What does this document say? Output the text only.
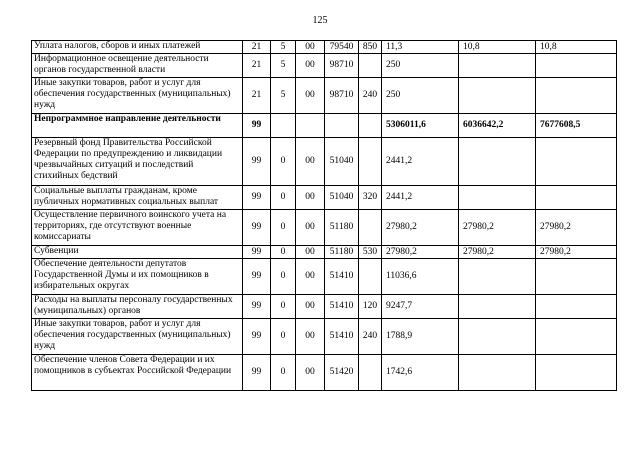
125
Уплата налогов, сборов и иных платежей	21	5	00	79540	850	11,3	10,8	10,8
Информационное освещение деятельности органов государственной власти	21	5	00	98710		250		
Иные закупки товаров, работ и услуг для обеспечения государственных (муниципальных) нужд	21	5	00	98710	240	250		
Непрограммное направление деятельности	99					5306011,6	6036642,2	7677608,5
Резервный фонд Правительства Российской Федерации по предупреждению и ликвидации чрезвычайных ситуаций и последствий стихийных бедствий	99	0	00	51040		2441,2		
Социальные выплаты гражданам, кроме публичных нормативных социальных выплат	99	0	00	51040	320	2441,2		
Осуществление первичного воинского учета на территориях, где отсутствуют военные комиссариаты	99	0	00	51180		27980,2	27980,2	27980,2
Субвенции	99	0	00	51180	530	27980,2	27980,2	27980,2
Обеспечение деятельности депутатов Государственной Думы и их помощников в избирательных округах	99	0	00	51410		11036,6		
Расходы на выплаты персоналу государственных (муниципальных) органов	99	0	00	51410	120	9247,7		
Иные закупки товаров, работ и услуг для обеспечения государственных (муниципальных) нужд	99	0	00	51410	240	1788,9		
Обеспечение членов Совета Федерации и их помощников в субъектах Российской Федерации	99	0	00	51420		1742,6		
